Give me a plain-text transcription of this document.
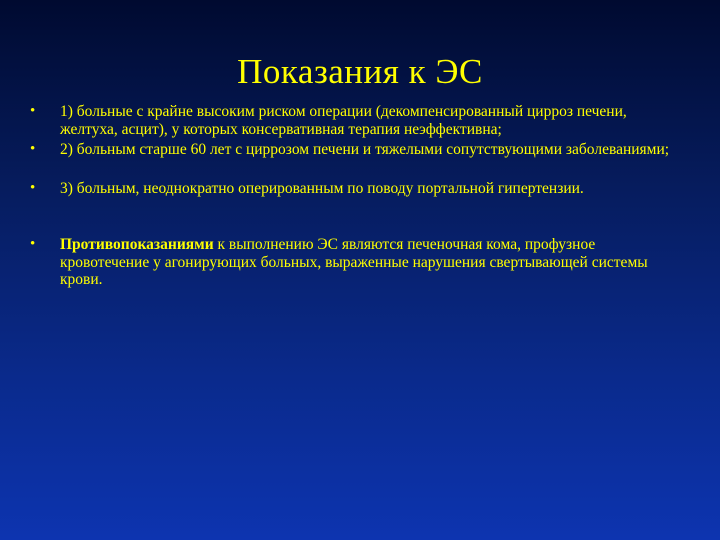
Показания к ЭС
• 1) больные с крайне высоким риском операции (декомпенсированный цирроз печени, желтуха, асцит), у которых консервативная терапия неэффективна;
• 2) больным старше 60 лет с циррозом печени и тяжелыми сопутствующими заболеваниями;
• 3) больным, неоднократно оперированным по поводу портальной гипертензии.
• Противопоказаниями к выполнению ЭС являются печеночная кома, профузное кровотечение у агонирующих больных, выраженные нарушения свертывающей системы крови.
